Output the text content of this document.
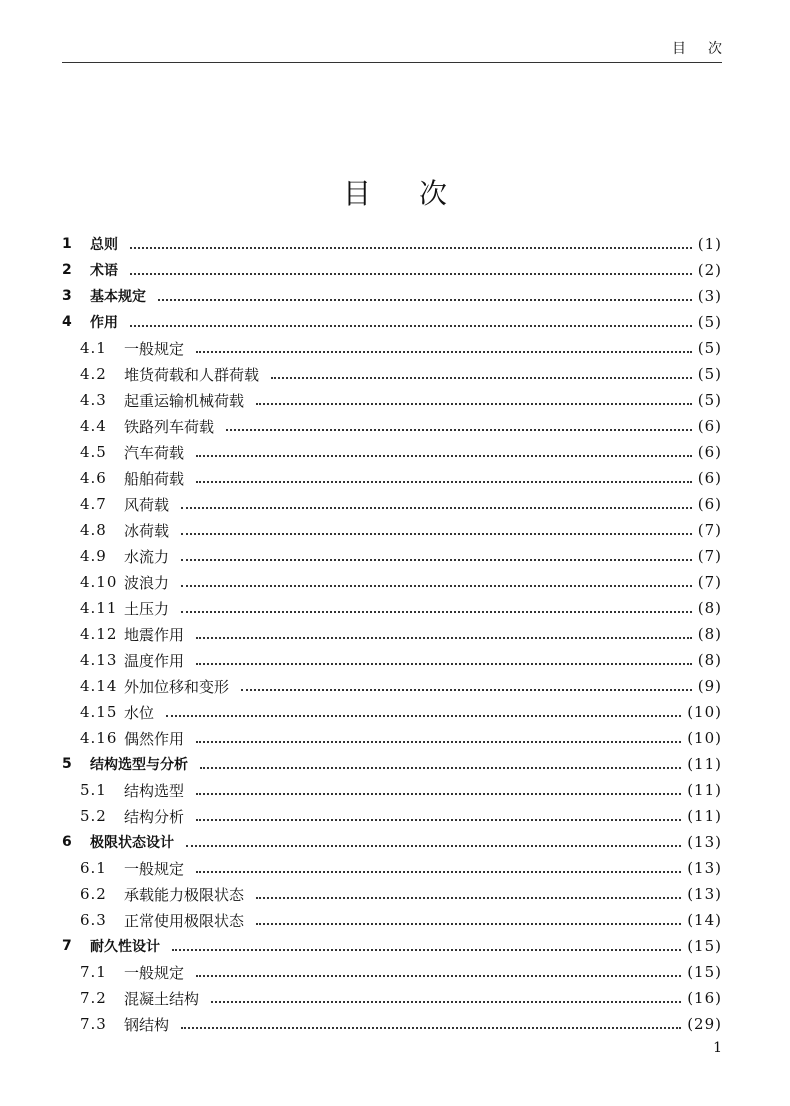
目次
目次
1	总则	(1)
2	术语	(2)
3	基本规定	(3)
4	作用	(5)
4.1	一般规定	(5)
4.2	堆货荷载和人群荷载	(5)
4.3	起重运输机械荷载	(5)
4.4	铁路列车荷载	(6)
4.5	汽车荷载	(6)
4.6	船舶荷载	(6)
4.7	风荷载	(6)
4.8	冰荷载	(7)
4.9	水流力	(7)
4.10 波浪力	(7)
4.11 土压力	(8)
4.12 地震作用	(8)
4.13 温度作用	(8)
4.14 外加位移和变形	(9)
4.15 水位	(10)
4.16 偶然作用	(10)
5	结构选型与分析	(11)
5.1	结构选型	(11)
5.2	结构分析	(11)
6	极限状态设计	(13)
6.1	一般规定	(13)
6.2	承载能力极限状态	(13)
6.3	正常使用极限状态	(14)
7	耐久性设计	(15)
7.1	一般规定	(15)
7.2	混凝土结构	(16)
7.3	钢结构	(29)
1
